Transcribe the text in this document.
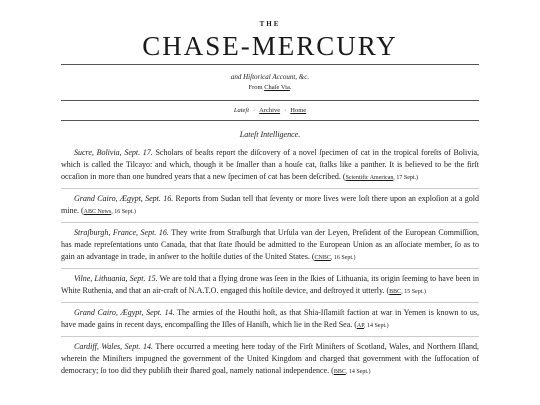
THE
CHASE-MERCURY
and Hiſtorical Account, &c.
From Chaſe Via.
Lateſt · Archive · Home
Lateſt Intelligence.

Sucre, Bolivia, Sept. 17. Scholars of beaſts report the diſcovery of a novel ſpecimen of cat in the tropical foreſts of Bolivia, which is called the Tilcayo: and which, though it be ſmaller than a houſe cat, ſtalks like a panther. It is believed to be the firſt occaſion in more than one hundred years that a new ſpecimen of cat has been deſcribed. (Scientific American, 17 Sept.)

Grand Cairo, Ægypt, Sept. 16. Reports from Sudan tell that ſeventy or more lives were loſt there upon an exploſion at a gold mine. (ABC News, 16 Sept.)

Straſburgh, France, Sept. 16. They write from Straſburgh that Urſula van der Leyen, Preſident of the European Commiſſion, has made repreſentations unto Canada, that that ſtate ſhould be admitted to the European Union as an aſſociate member, ſo as to gain an advantage in trade, in anſwer to the hoſtile duties of the United States. (CNBC, 16 Sept.)

Vilne, Lithuania, Sept. 15. We are told that a flying drone was ſeen in the ſkies of Lithuania, its origin ſeeming to have been in White Ruthenia, and that an air-craft of N.A.T.O. engaged this hoſtile device, and deſtroyed it utterly. (BBC, 15 Sept.)

Grand Cairo, Ægypt, Sept. 14. The armies of the Houthi hoſt, as that Shia-Iſlamiſt faction at war in Yemen is known to us, have made gains in recent days, encompaſſing the Iſles of Haniſh, which lie in the Red Sea. (AP, 14 Sept.)

Cardiff, Wales, Sept. 14. There occurred a meeting here today of the Firſt Miniſters of Scotland, Wales, and Northern Iſland, wherein the Miniſters impugned the government of the United Kingdom and charged that government with the ſuffocation of democracy; ſo too did they publiſh their ſhared goal, namely national independence. (BBC, 14 Sept.)
